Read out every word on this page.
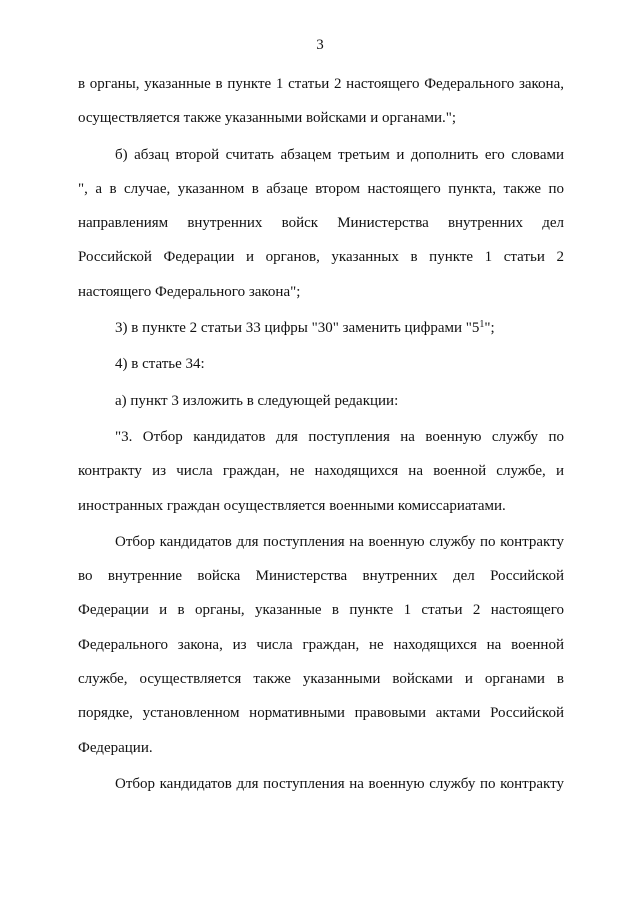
3

в органы, указанные в пункте 1 статьи 2 настоящего Федерального закона,
осуществляется также указанными войсками и органами.";

б) абзац второй считать абзацем третьим и дополнить его словами
", а в случае, указанном в абзаце втором настоящего пункта, также по
направлениям внутренних войск Министерства внутренних дел
Российской Федерации и органов, указанных в пункте 1 статьи 2
настоящего Федерального закона";

3) в пункте 2 статьи 33 цифры "30" заменить цифрами "$5^1$";

4) в статье 34:

а) пункт 3 изложить в следующей редакции:

"3. Отбор кандидатов для поступления на военную службу по
контракту из числа граждан, не находящихся на военной службе, и
иностранных граждан осуществляется военными комиссариатами.

Отбор кандидатов для поступления на военную службу по контракту
во внутренние войска Министерства внутренних дел Российской
Федерации и в органы, указанные в пункте 1 статьи 2 настоящего
Федерального закона, из числа граждан, не находящихся на военной
службе, осуществляется также указанными войсками и органами в
порядке, установленном нормативными правовыми актами Российской
Федерации.

Отбор кандидатов для поступления на военную службу по контракту
